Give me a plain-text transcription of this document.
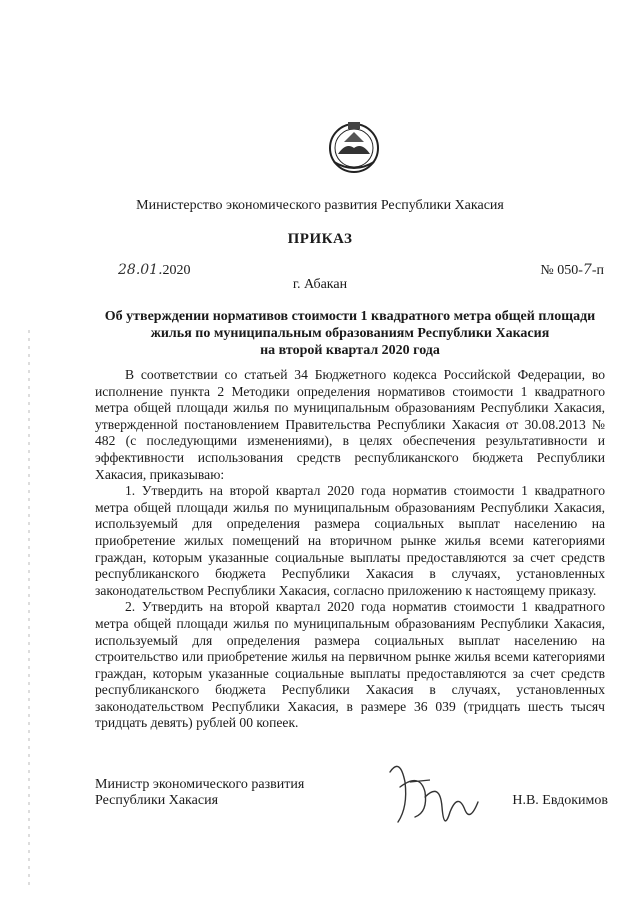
Министерство экономического развития Республики Хакасия
ПРИКАЗ
28.01.2020	№ 050-7-п
г. Абакан
Об утверждении нормативов стоимости 1 квадратного метра общей площади
жилья по муниципальным образованиям Республики Хакасия
на второй квартал 2020 года

В соответствии со статьей 34 Бюджетного кодекса Российской Федерации, во исполнение пункта 2 Методики определения нормативов стоимости 1 квадратного метра общей площади жилья по муниципальным образованиям Республики Хакасия, утвержденной постановлением Правительства Республики Хакасия от 30.08.2013 № 482 (с последующими изменениями), в целях обеспечения результативности и эффективности использования средств республиканского бюджета Республики Хакасия, приказываю:

1. Утвердить на второй квартал 2020 года норматив стоимости 1 квадратного метра общей площади жилья по муниципальным образованиям Республики Хакасия, используемый для определения размера социальных выплат населению на приобретение жилых помещений на вторичном рынке жилья всеми категориями граждан, которым указанные социальные выплаты предоставляются за счет средств республиканского бюджета Республики Хакасия в случаях, установленных законодательством Республики Хакасия, согласно приложению к настоящему приказу.

2. Утвердить на второй квартал 2020 года норматив стоимости 1 квадратного метра общей площади жилья по муниципальным образованиям Республики Хакасия, используемый для определения размера социальных выплат населению на строительство или приобретение жилья на первичном рынке жилья всеми категориями граждан, которым указанные социальные выплаты предоставляются за счет средств республиканского бюджета Республики Хакасия в случаях, установленных законодательством Республики Хакасия, в размере 36 039 (тридцать шесть тысяч тридцать девять) рублей 00 копеек.

Министр экономического развития
Республики Хакасия	Н.В. Евдокимов
